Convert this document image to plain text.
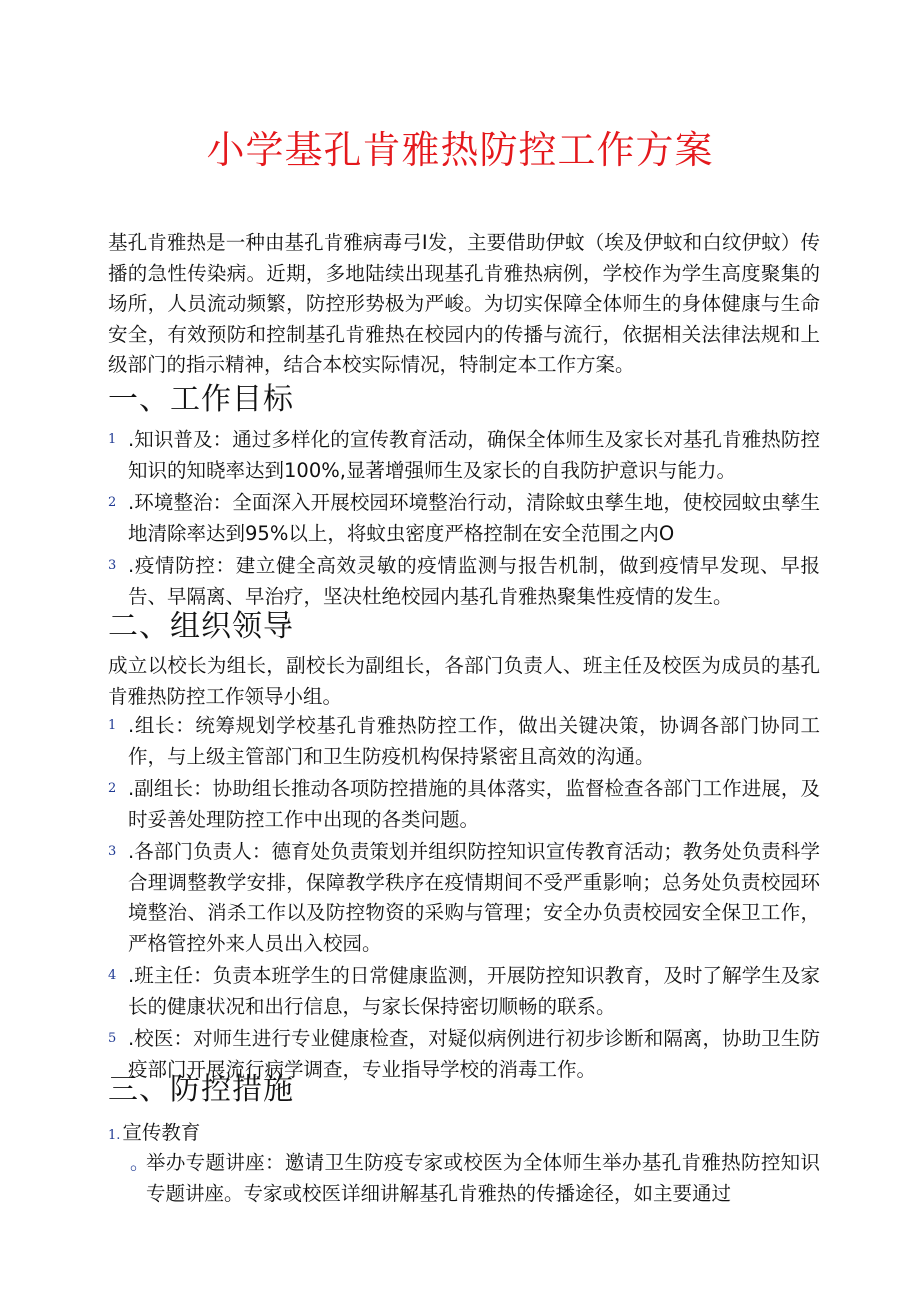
小学基孔肯雅热防控工作方案

基孔肯雅热是一种由基孔肯雅病毒弓I发，主要借助伊蚊（埃及伊蚊和白纹伊蚊）传播的急性传染病。近期，多地陆续出现基孔肯雅热病例，学校作为学生高度聚集的场所，人员流动频繁，防控形势极为严峻。为切实保障全体师生的身体健康与生命安全，有效预防和控制基孔肯雅热在校园内的传播与流行，依据相关法律法规和上级部门的指示精神，结合本校实际情况，特制定本工作方案。

一、工作目标
1 .知识普及：通过多样化的宣传教育活动，确保全体师生及家长对基孔肯雅热防控知识的知晓率达到100%,显著增强师生及家长的自我防护意识与能力。
2 .环境整治：全面深入开展校园环境整治行动，清除蚊虫孳生地，使校园蚊虫孳生地清除率达到95%以上，将蚊虫密度严格控制在安全范围之内O
3 .疫情防控：建立健全高效灵敏的疫情监测与报告机制，做到疫情早发现、早报告、早隔离、早治疗，坚决杜绝校园内基孔肯雅热聚集性疫情的发生。
二、组织领导

成立以校长为组长，副校长为副组长，各部门负责人、班主任及校医为成员的基孔肯雅热防控工作领导小组。

1 .组长：统筹规划学校基孔肯雅热防控工作，做出关键决策，协调各部门协同工作，与上级主管部门和卫生防疫机构保持紧密且高效的沟通。
2 .副组长：协助组长推动各项防控措施的具体落实，监督检查各部门工作进展，及时妥善处理防控工作中出现的各类问题。
3 .各部门负责人：德育处负责策划并组织防控知识宣传教育活动；教务处负责科学合理调整教学安排，保障教学秩序在疫情期间不受严重影响；总务处负责校园环境整治、消杀工作以及防控物资的采购与管理；安全办负责校园安全保卫工作，严格管控外来人员出入校园。
4 .班主任：负责本班学生的日常健康监测，开展防控知识教育，及时了解学生及家长的健康状况和出行信息，与家长保持密切顺畅的联系。
5 .校医：对师生进行专业健康检查，对疑似病例进行初步诊断和隔离，协助卫生防疫部门开展流行病学调查，专业指导学校的消毒工作。
三、防控措施

1. 宣传教育

。
举办专题讲座：邀请卫生防疫专家或校医为全体师生举办基孔肯雅热防控知识专题讲座。专家或校医详细讲解基孔肯雅热的传播途径，如主要通过
